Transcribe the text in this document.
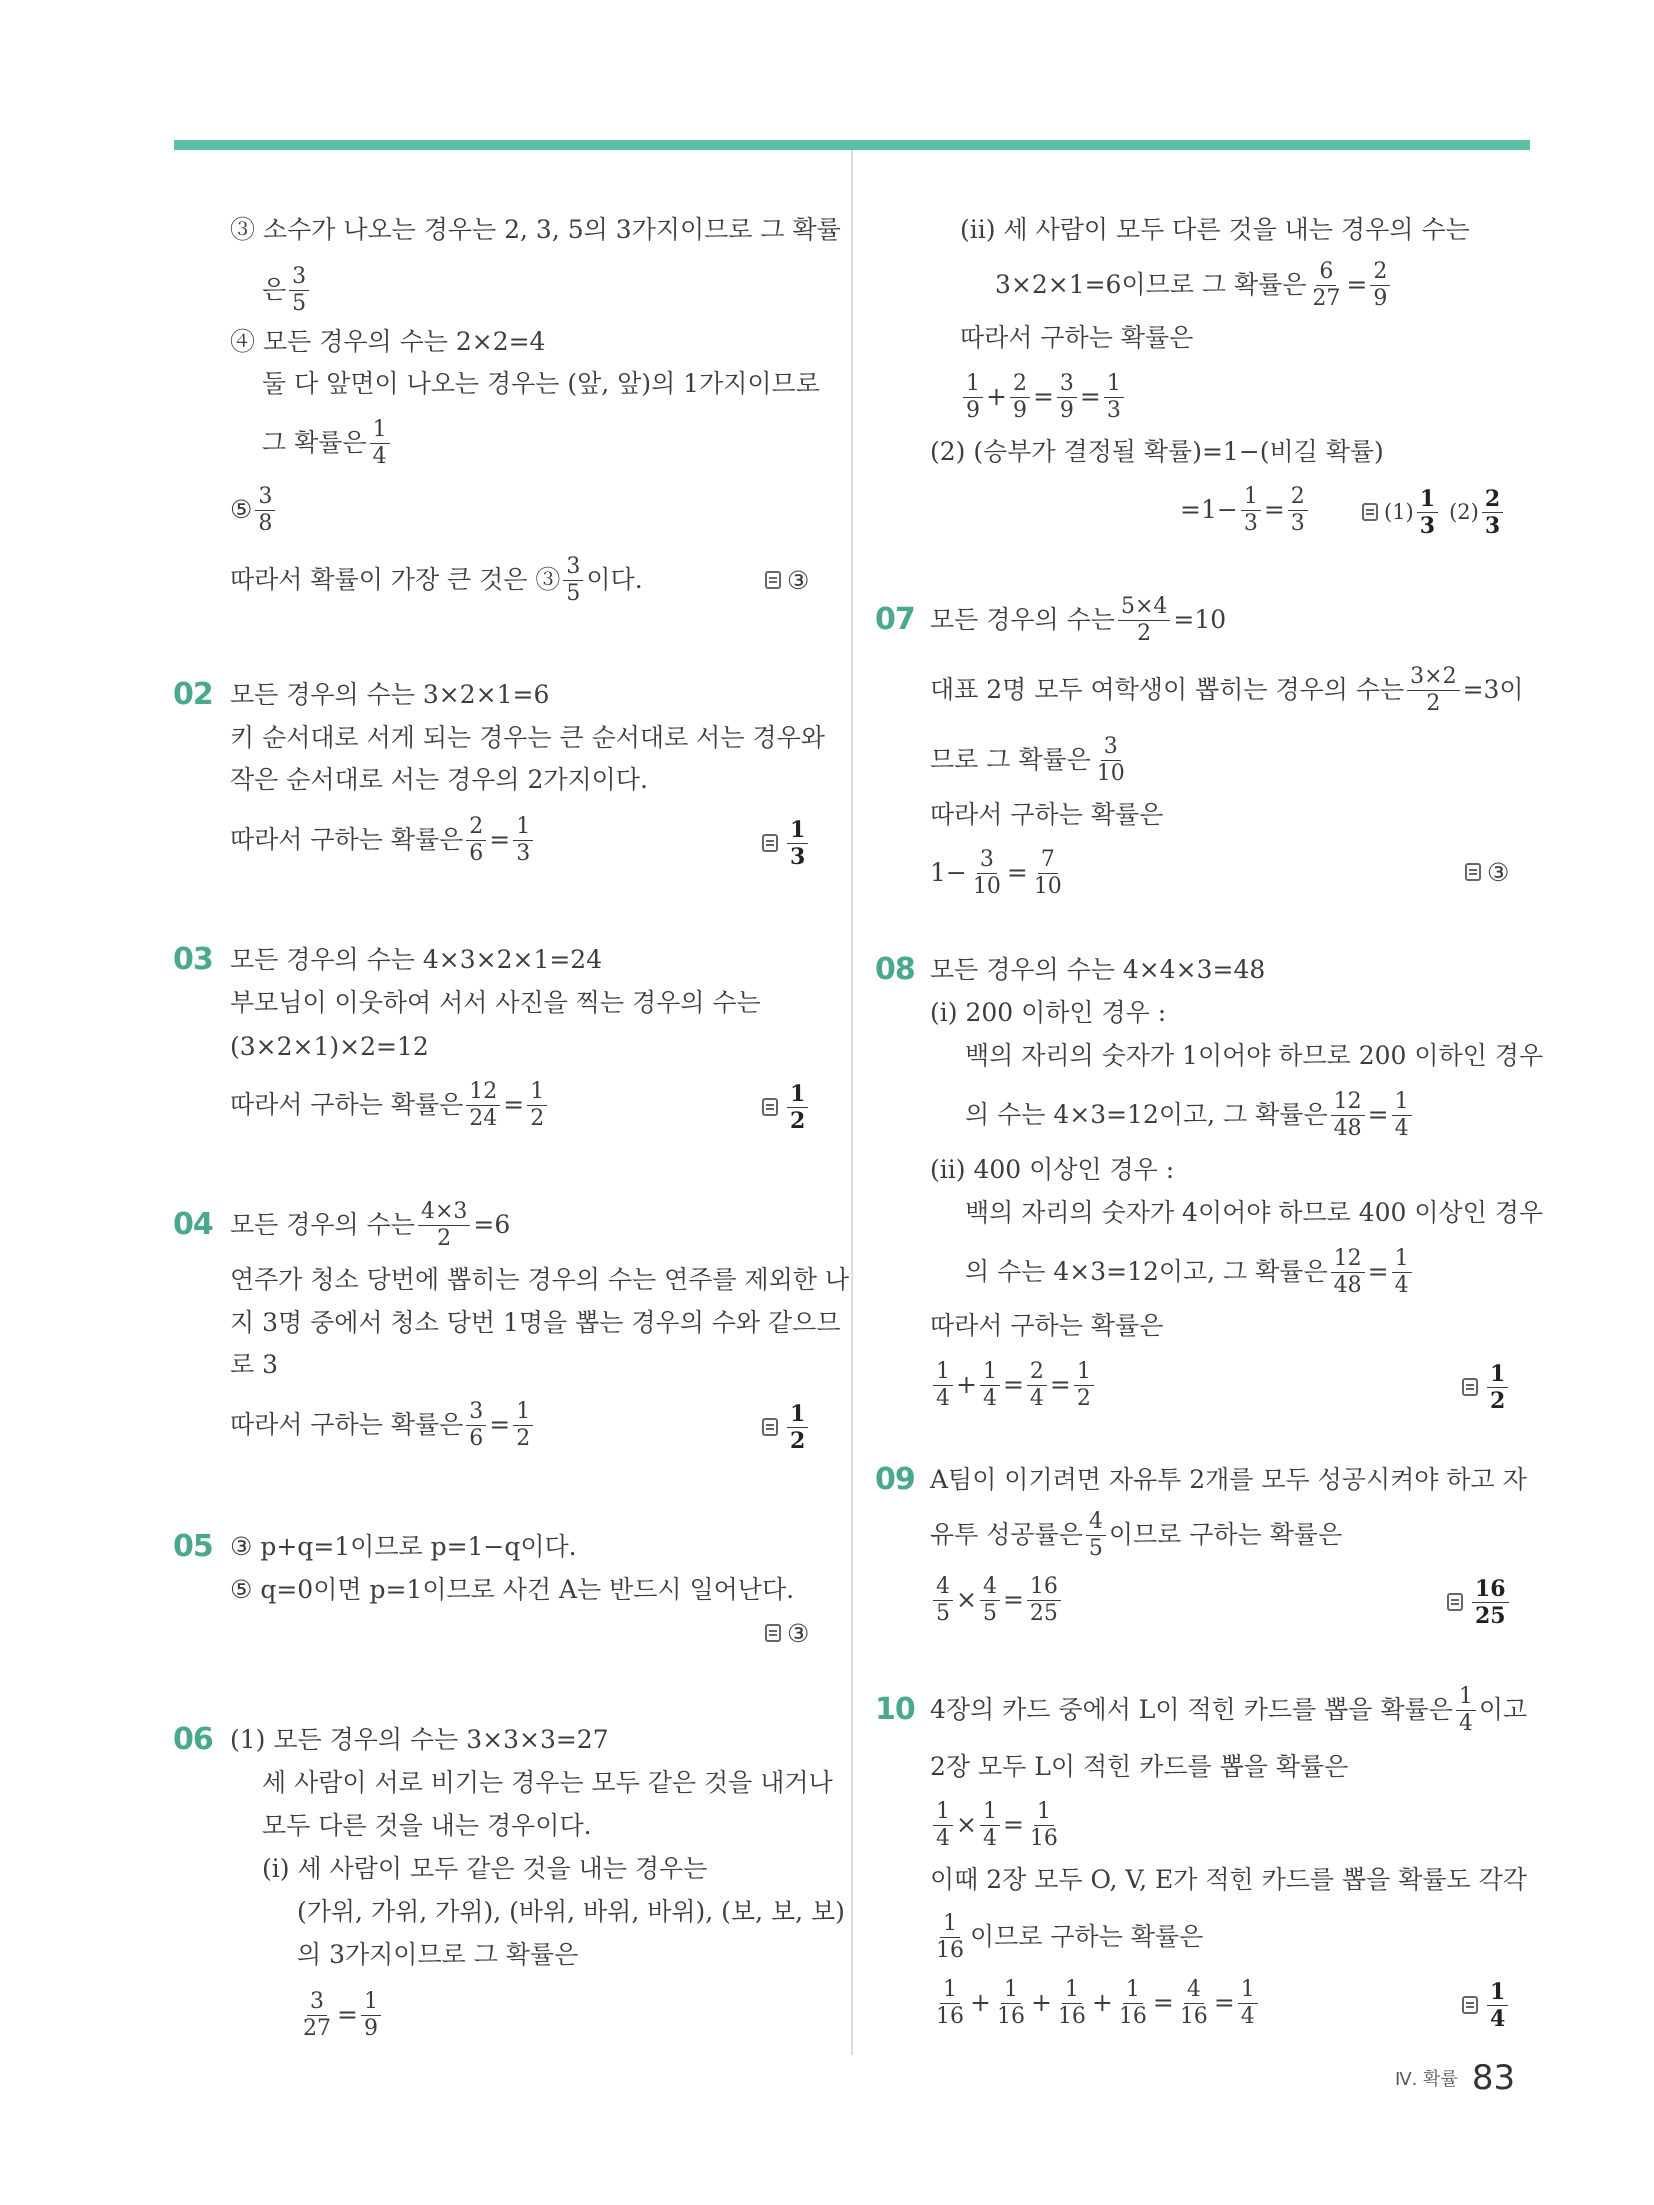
③ 소수가 나오는 경우는 2, 3, 5의 3가지이므로 그 확률
은 $\frac{3}{5}$
④ 모든 경우의 수는 2×2=4
둘 다 앞면이 나오는 경우는 (앞, 앞)의 1가지이므로
그 확률은 $\frac{1}{4}$
⑤ $\frac{3}{8}$
따라서 확률이 가장 큰 것은 ③ $\frac{3}{5}$ 이다.	③
02 모든 경우의 수는 3×2×1=6
키 순서대로 서게 되는 경우는 큰 순서대로 서는 경우와
작은 순서대로 서는 경우의 2가지이다.
따라서 구하는 확률은 $\frac{2}{6} = \frac{1}{3}$	$\frac{1}{3}$
03 모든 경우의 수는 4×3×2×1=24
부모님이 이웃하여 서서 사진을 찍는 경우의 수는
(3×2×1)×2=12
따라서 구하는 확률은 $\frac{12}{24} = \frac{1}{2}$	$\frac{1}{2}$
04 모든 경우의 수는 $\frac{4\times 3}{2} =6$
연주가 청소 당번에 뽑히는 경우의 수는 연주를 제외한 나
지 3명 중에서 청소 당번 1명을 뽑는 경우의 수와 같으므
로 3
따라서 구하는 확률은 $\frac{3}{6} = \frac{1}{2}$	$\frac{1}{2}$
05 ③ p+q=1이므로 p=1−q이다.
⑤ q=0이면 p=1이므로 사건 A는 반드시 일어난다.
③
06 (1) 모든 경우의 수는 3×3×3=27
세 사람이 서로 비기는 경우는 모두 같은 것을 내거나
모두 다른 것을 내는 경우이다.
(ⅰ) 세 사람이 모두 같은 것을 내는 경우는
(가위, 가위, 가위), (바위, 바위, 바위), (보, 보, 보)
의 3가지이므로 그 확률은
$\frac{3}{27} = \frac{1}{9}$
(ⅱ) 세 사람이 모두 다른 것을 내는 경우의 수는
3×2×1=6이므로 그 확률은 $\frac{6}{27} = \frac{2}{9}$
따라서 구하는 확률은
$\frac{1}{9} + \frac{2}{9} = \frac{3}{9} = \frac{1}{3}$
(2) (승부가 결정될 확률)=1−(비길 확률)
$=1- \frac{1}{3} = \frac{2}{3}$	$(1) \frac{1}{3} (2) \frac{2}{3}$
07 모든 경우의 수는 $\frac{5\times 4}{2} =10$
대표 2명 모두 여학생이 뽑히는 경우의 수는 $\frac{3\times 2}{2} =3$이
므로 그 확률은 $\frac{3}{10}$
따라서 구하는 확률은
$1- \frac{3}{10} = \frac{7}{10}$	③
08 모든 경우의 수는 4×4×3=48
(ⅰ) 200 이하인 경우 :
백의 자리의 숫자가 1이어야 하므로 200 이하인 경우
의 수는 4×3=12이고, 그 확률은 $\frac{12}{48} = \frac{1}{4}$
(ⅱ) 400 이상인 경우 :
백의 자리의 숫자가 4이어야 하므로 400 이상인 경우
의 수는 4×3=12이고, 그 확률은 $\frac{12}{48} = \frac{1}{4}$
따라서 구하는 확률은
$\frac{1}{4} + \frac{1}{4} = \frac{2}{4} = \frac{1}{2}$	$\frac{1}{2}$
09 A팀이 이기려면 자유투 2개를 모두 성공시켜야 하고 자
유투 성공률은 $\frac{4}{5}$ 이므로 구하는 확률은
$\frac{4}{5} \times \frac{4}{5} = \frac{16}{25}$	$\frac{16}{25}$
10 4장의 카드 중에서 L이 적힌 카드를 뽑을 확률은 $\frac{1}{4}$ 이고
2장 모두 L이 적힌 카드를 뽑을 확률은
$\frac{1}{4} \times \frac{1}{4} = \frac{1}{16}$
이때 2장 모두 O, V, E가 적힌 카드를 뽑을 확률도 각각
$\frac{1}{16}$ 이므로 구하는 확률은
$\frac{1}{16} + \frac{1}{16} + \frac{1}{16} + \frac{1}{16} = \frac{4}{16} = \frac{1}{4}$	$\frac{1}{4}$
Ⅳ. 확률 83
